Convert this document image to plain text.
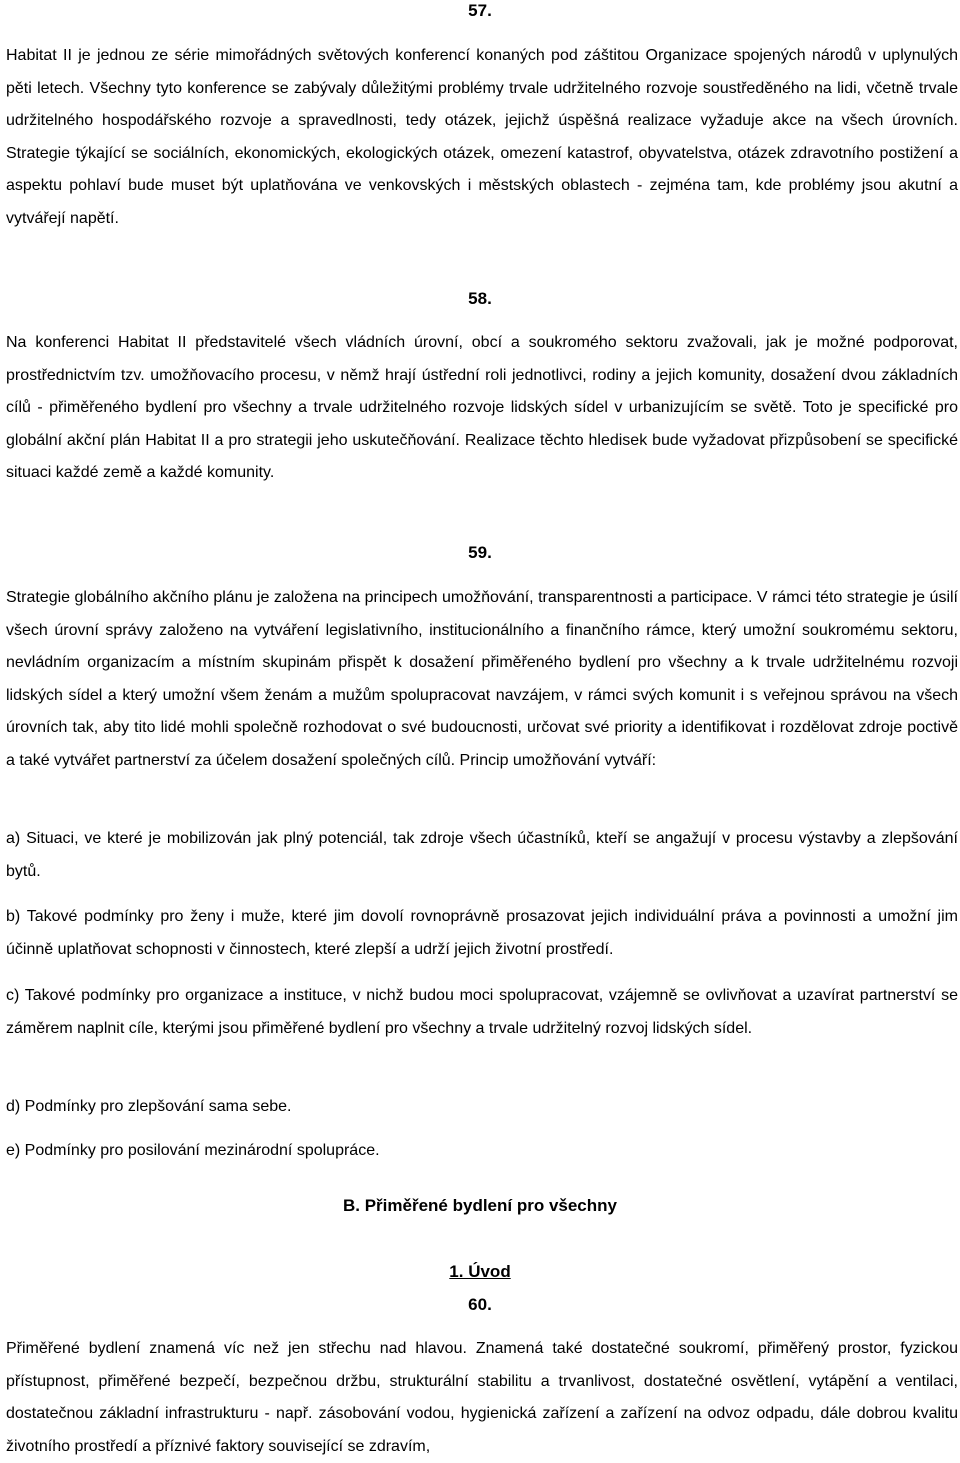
57.

Habitat II je jednou ze série mimořádných světových konferencí konaných pod záštitou Organizace spojených národů v uplynulých pěti letech. Všechny tyto konference se zabývaly důležitými problémy trvale udržitelného rozvoje soustředěného na lidi, včetně trvale udržitelného hospodářského rozvoje a spravedlnosti, tedy otázek, jejichž úspěšná realizace vyžaduje akce na všech úrovních. Strategie týkající se sociálních, ekonomických, ekologických otázek, omezení katastrof, obyvatelstva, otázek zdravotního postižení a aspektu pohlaví bude muset být uplatňována ve venkovských i městských oblastech - zejména tam, kde problémy jsou akutní a vytvářejí napětí.

58.

Na konferenci Habitat II představitelé všech vládních úrovní, obcí a soukromého sektoru zvažovali, jak je možné podporovat, prostřednictvím tzv. umožňovacího procesu, v němž hrají ústřední roli jednotlivci, rodiny a jejich komunity, dosažení dvou základních cílů - přiměřeného bydlení pro všechny a trvale udržitelného rozvoje lidských sídel v urbanizujícím se světě. Toto je specifické pro globální akční plán Habitat II a pro strategii jeho uskutečňování. Realizace těchto hledisek bude vyžadovat přizpůsobení se specifické situaci každé země a každé komunity.

59.

Strategie globálního akčního plánu je založena na principech umožňování, transparentnosti a participace. V rámci této strategie je úsilí všech úrovní správy založeno na vytváření legislativního, institucionálního a finančního rámce, který umožní soukromému sektoru, nevládním organizacím a místním skupinám přispět k dosažení přiměřeného bydlení pro všechny a k trvale udržitelnému rozvoji lidských sídel a který umožní všem ženám a mužům spolupracovat navzájem, v rámci svých komunit i s veřejnou správou na všech úrovních tak, aby tito lidé mohli společně rozhodovat o své budoucnosti, určovat své priority a identifikovat i rozdělovat zdroje poctivě a také vytvářet partnerství za účelem dosažení společných cílů. Princip umožňování vytváří:

a) Situaci, ve které je mobilizován jak plný potenciál, tak zdroje všech účastníků, kteří se angažují v procesu výstavby a zlepšování bytů.

b) Takové podmínky pro ženy i muže, které jim dovolí rovnoprávně prosazovat jejich individuální práva a povinnosti a umožní jim účinně uplatňovat schopnosti v činnostech, které zlepší a udrží jejich životní prostředí.

c) Takové podmínky pro organizace a instituce, v nichž budou moci spolupracovat, vzájemně se ovlivňovat a uzavírat partnerství se záměrem naplnit cíle, kterými jsou přiměřené bydlení pro všechny a trvale udržitelný rozvoj lidských sídel.

d) Podmínky pro zlepšování sama sebe.

e) Podmínky pro posilování mezinárodní spolupráce.

B. Přiměřené bydlení pro všechny

1. Úvod

60.

Přiměřené bydlení znamená víc než jen střechu nad hlavou. Znamená také dostatečné soukromí, přiměřený prostor, fyzickou přístupnost, přiměřené bezpečí, bezpečnou držbu, strukturální stabilitu a trvanlivost, dostatečné osvětlení, vytápění a ventilaci, dostatečnou základní infrastrukturu - např. zásobování vodou, hygienická zařízení a zařízení na odvoz odpadu, dále dobrou kvalitu životního prostředí a příznivé faktory související se zdravím,
